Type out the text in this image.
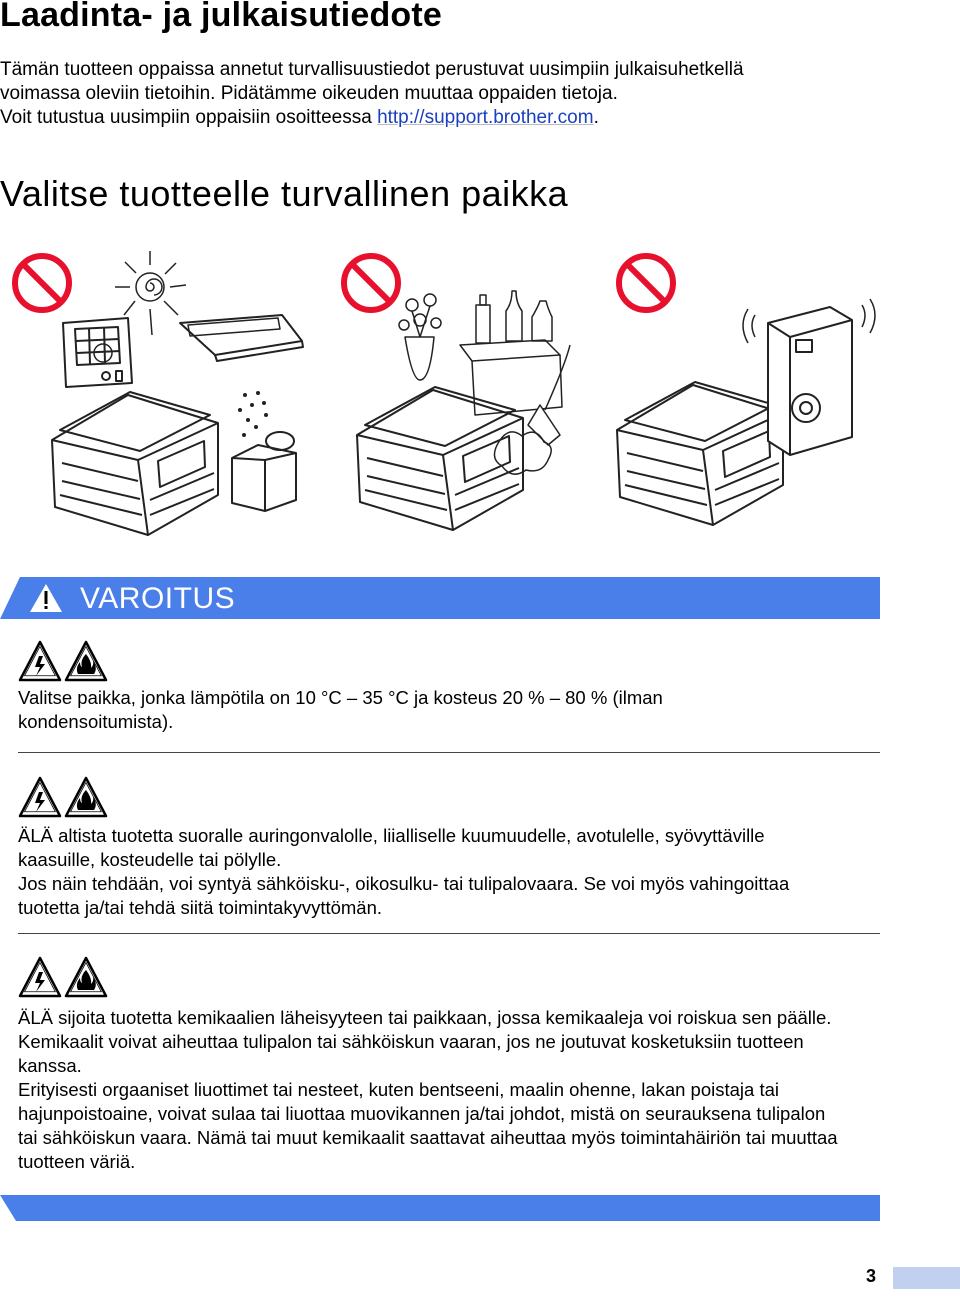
Laadinta- ja julkaisutiedote

Tämän tuotteen oppaissa annetut turvallisuustiedot perustuvat uusimpiin julkaisuhetkellä

voimassa oleviin tietoihin. Pidätämme oikeuden muuttaa oppaiden tietoja.

Voit tutustua uusimpiin oppaisiin osoitteessa http://support.brother.com.

Valitse tuotteelle turvallinen paikka
VAROITUS

Valitse paikka, jonka lämpötila on 10 °C – 35 °C ja kosteus 20 % – 80 % (ilman

kondensoitumista).

ÄLÄ altista tuotetta suoralle auringonvalolle, liialliselle kuumuudelle, avotulelle, syövyttäville

kaasuille, kosteudelle tai pölylle.

Jos näin tehdään, voi syntyä sähköisku-, oikosulku- tai tulipalovaara. Se voi myös vahingoittaa

tuotetta ja/tai tehdä siitä toimintakyvyttömän.

ÄLÄ sijoita tuotetta kemikaalien läheisyyteen tai paikkaan, jossa kemikaaleja voi roiskua sen päälle.

Kemikaalit voivat aiheuttaa tulipalon tai sähköiskun vaaran, jos ne joutuvat kosketuksiin tuotteen

kanssa.

Erityisesti orgaaniset liuottimet tai nesteet, kuten bentseeni, maalin ohenne, lakan poistaja tai

hajunpoistoaine, voivat sulaa tai liuottaa muovikannen ja/tai johdot, mistä on seurauksena tulipalon

tai sähköiskun vaara. Nämä tai muut kemikaalit saattavat aiheuttaa myös toimintahäiriön tai muuttaa

tuotteen väriä.

3
